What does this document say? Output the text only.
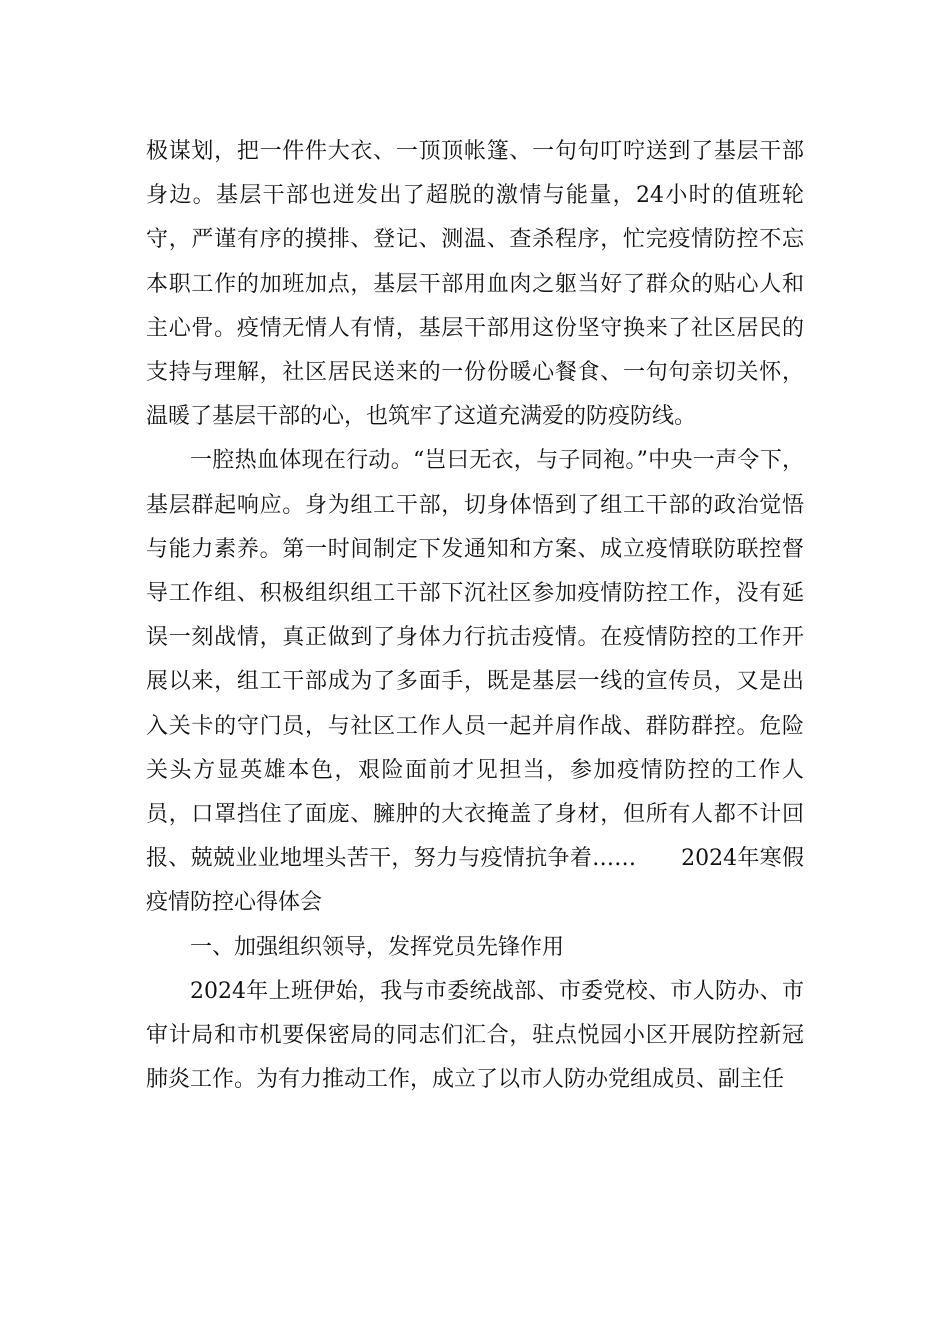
极谋划，把一件件大衣、一顶顶帐篷、一句句叮咛送到了基层干部身边。基层干部也迸发出了超脱的激情与能量，24小时的值班轮守，严谨有序的摸排、登记、测温、查杀程序，忙完疫情防控不忘本职工作的加班加点，基层干部用血肉之躯当好了群众的贴心人和主心骨。疫情无情人有情，基层干部用这份坚守换来了社区居民的支持与理解，社区居民送来的一份份暖心餐食、一句句亲切关怀，温暖了基层干部的心，也筑牢了这道充满爱的防疫防线。

一腔热血体现在行动。“岂曰无衣，与子同袍。”中央一声令下，基层群起响应。身为组工干部，切身体悟到了组工干部的政治觉悟与能力素养。第一时间制定下发通知和方案、成立疫情联防联控督导工作组、积极组织组工干部下沉社区参加疫情防控工作，没有延误一刻战情，真正做到了身体力行抗击疫情。在疫情防控的工作开展以来，组工干部成为了多面手，既是基层一线的宣传员，又是出入关卡的守门员，与社区工作人员一起并肩作战、群防群控。危险关头方显英雄本色，艰险面前才见担当，参加疫情防控的工作人员，口罩挡住了面庞、臃肿的大衣掩盖了身材，但所有人都不计回报、兢兢业业地埋头苦干，努力与疫情抗争着……　　2024年寒假疫情防控心得体会

一、加强组织领导，发挥党员先锋作用

2024年上班伊始，我与市委统战部、市委党校、市人防办、市审计局和市机要保密局的同志们汇合，驻点悦园小区开展防控新冠肺炎工作。为有力推动工作，成立了以市人防办党组成员、副主任
